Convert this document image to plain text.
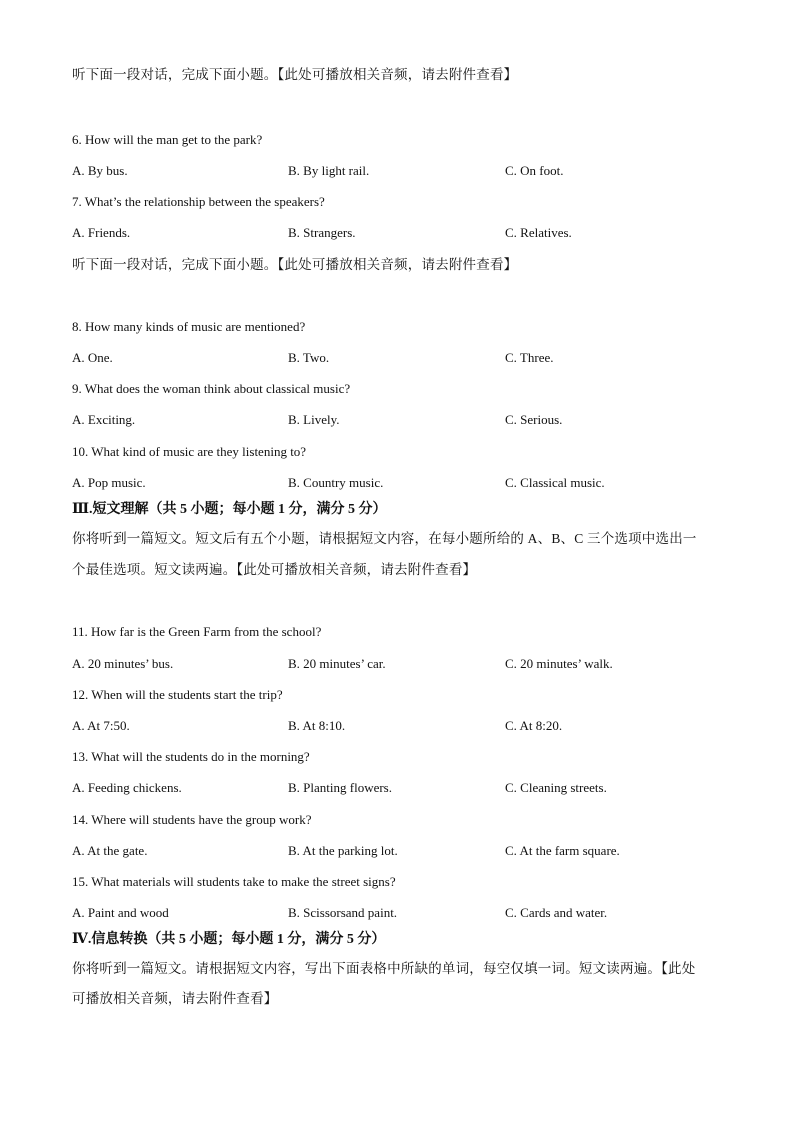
听下面一段对话，完成下面小题。【此处可播放相关音频，请去附件查看】
6. How will the man get to the park?
A. By bus.	B. By light rail.	C. On foot.
7. What’s the relationship between the speakers?
A. Friends.	B. Strangers.	C. Relatives.
听下面一段对话，完成下面小题。【此处可播放相关音频，请去附件查看】
8. How many kinds of music are mentioned?
A. One.	B. Two.	C. Three.
9. What does the woman think about classical music?
A. Exciting.	B. Lively.	C. Serious.
10. What kind of music are they listening to?
A. Pop music.	B. Country music.	C. Classical music.
Ⅲ.短文理解（共 5 小题；每小题 1 分，满分 5 分）
你将听到一篇短文。短文后有五个小题，请根据短文内容，在每小题所给的 A、B、C 三个选项中选出一
个最佳选项。短文读两遍。【此处可播放相关音频，请去附件查看】
11. How far is the Green Farm from the school?
A. 20 minutes’ bus.	B. 20 minutes’ car.	C. 20 minutes’ walk.
12. When will the students start the trip?
A. At 7:50.	B. At 8:10.	C. At 8:20.
13. What will the students do in the morning?
A. Feeding chickens.	B. Planting flowers.	C. Cleaning streets.
14. Where will students have the group work?
A. At the gate.	B. At the parking lot.	C. At the farm square.
15. What materials will students take to make the street signs?
A. Paint and wood	B. Scissorsand paint.	C. Cards and water.
Ⅳ.信息转换（共 5 小题；每小题 1 分，满分 5 分）
你将听到一篇短文。请根据短文内容，写出下面表格中所缺的单词，每空仅填一词。短文读两遍。【此处
可播放相关音频，请去附件查看】
